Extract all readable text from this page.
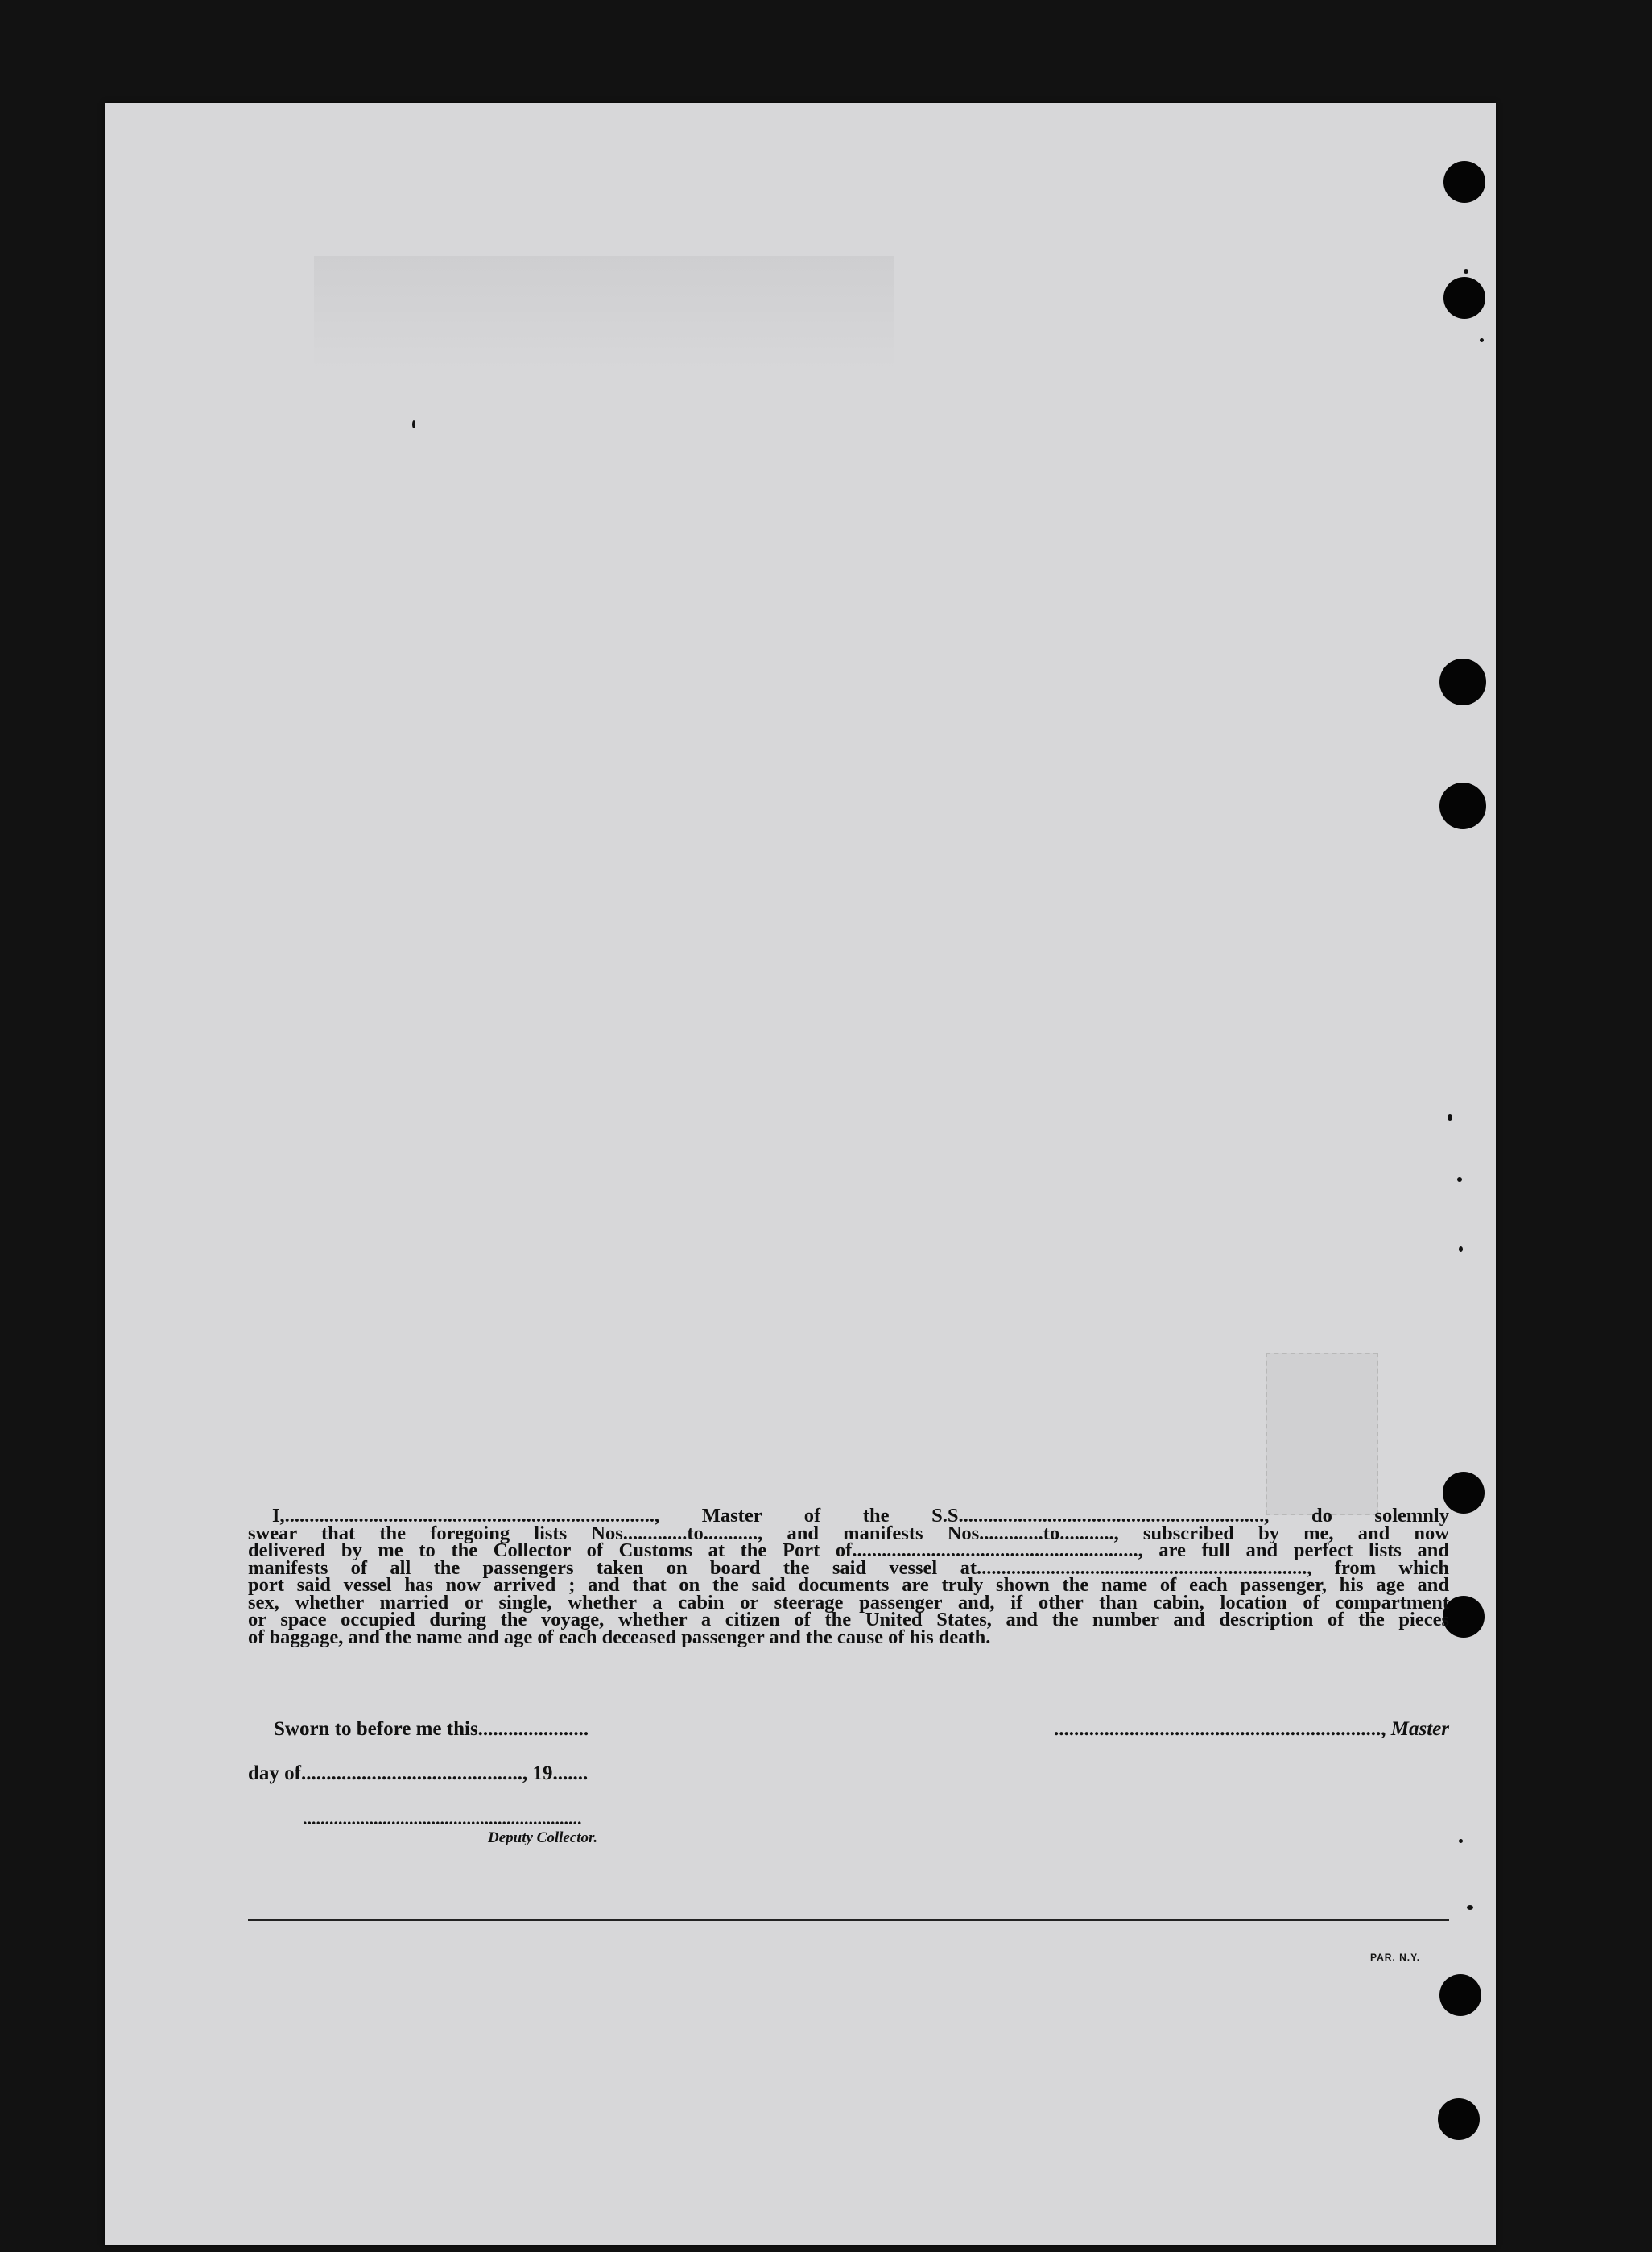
I,..........................................................................., Master of the S.S.............................................................., do solemnly
swear that the foregoing lists Nos.............to..........., and manifests Nos.............to..........., subscribed by me, and now
delivered by me to the Collector of Customs at the Port of.........................................................., are full and perfect lists and
manifests of all the passengers taken on board the said vessel at..................................................................., from which
port said vessel has now arrived ; and that on the said documents are truly shown the name of each passenger, his age and
sex, whether married or single, whether a cabin or steerage passenger and, if other than cabin, location of compartment
or space occupied during the voyage, whether a citizen of the United States, and the number and description of the pieces
of baggage, and the name and age of each deceased passenger and the cause of his death.
Sworn to before me this......................	................................................................., Master
day of............................................, 19.......
...............................................................
Deputy Collector.
PAR. N.Y.
